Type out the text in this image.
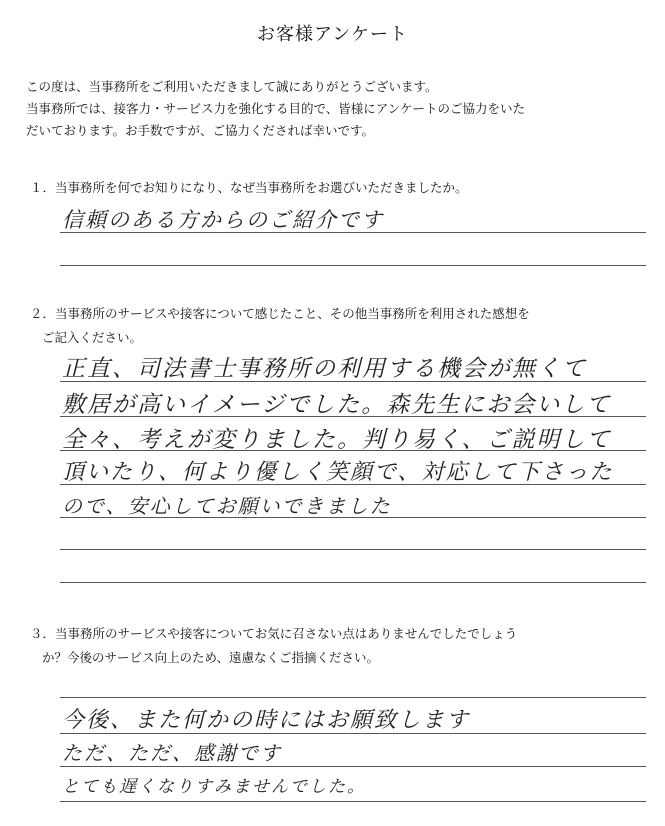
お客様アンケート

この度は、当事務所をご利用いただきまして誠にありがとうございます。

当事務所では、接客力・サービス力を強化する目的で、皆様にアンケートのご協力をいた

だいております。お手数ですが、ご協力くだされば幸いです。

１．当事務所を何でお知りになり、なぜ当事務所をお選びいただきましたか。

信頼のある方からのご紹介です

２．当事務所のサービスや接客について感じたこと、その他当事務所を利用された感想を

ご記入ください。

正直、司法書士事務所の利用する機会が無くて
敷居が高いイメージでした。森先生にお会いして
全々、考えが変りました。判り易く、ご説明して
頂いたり、何より優しく笑顔で、対応して下さった
ので、安心してお願いできました

３．当事務所のサービスや接客についてお気に召さない点はありませんでしたでしょう

か？今後のサービス向上のため、遠慮なくご指摘ください。

今後、また何かの時にはお願致します
ただ、ただ、感謝です
とても遅くなりすみませんでした。
